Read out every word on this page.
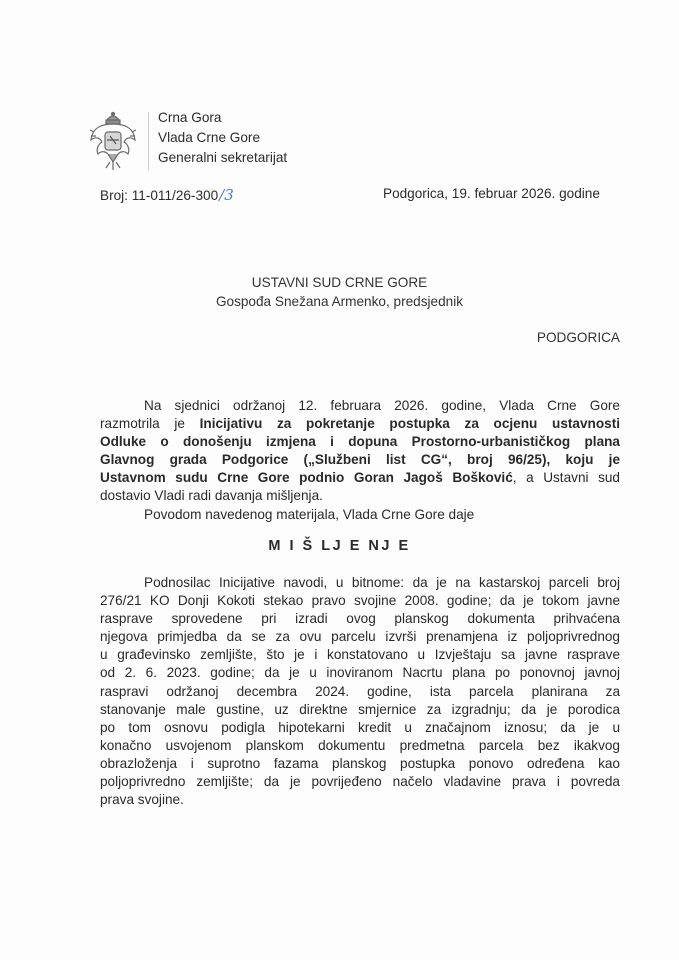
Crna Gora
Vlada Crne Gore
Generalni sekretarijat
Broj: 11-011/26-300/3	Podgorica, 19. februar 2026. godine
USTAVNI SUD CRNE GORE
Gospođa Snežana Armenko, predsjednik
PODGORICA
Na sjednici održanoj 12. februara 2026. godine, Vlada Crne Gore
razmotrila je Inicijativu za pokretanje postupka za ocjenu ustavnosti
Odluke o donošenju izmjena i dopuna Prostorno-urbanističkog plana
Glavnog grada Podgorice („Službeni list CG“, broj 96/25), koju je
Ustavnom sudu Crne Gore podnio Goran Jagoš Bošković, a Ustavni sud
dostavio Vladi radi davanja mišljenja.
Povodom navedenog materijala, Vlada Crne Gore daje
M I Š LJ E NJ E
Podnosilac Inicijative navodi, u bitnome: da je na kastarskoj parceli broj
276/21 KO Donji Kokoti stekao pravo svojine 2008. godine; da je tokom javne
rasprave sprovedene pri izradi ovog planskog dokumenta prihvaćena
njegova primjedba da se za ovu parcelu izvrši prenamjena iz poljoprivrednog
u građevinsko zemljište, što je i konstatovano u Izvještaju sa javne rasprave
od 2. 6. 2023. godine; da je u inoviranom Nacrtu plana po ponovnoj javnoj
raspravi održanoj decembra 2024. godine, ista parcela planirana za
stanovanje male gustine, uz direktne smjernice za izgradnju; da je porodica
po tom osnovu podigla hipotekarni kredit u značajnom iznosu; da je u
konačno usvojenom planskom dokumentu predmetna parcela bez ikakvog
obrazloženja i suprotno fazama planskog postupka ponovo određena kao
poljoprivredno zemljište; da je povrijeđeno načelo vladavine prava i povreda
prava svojine.
